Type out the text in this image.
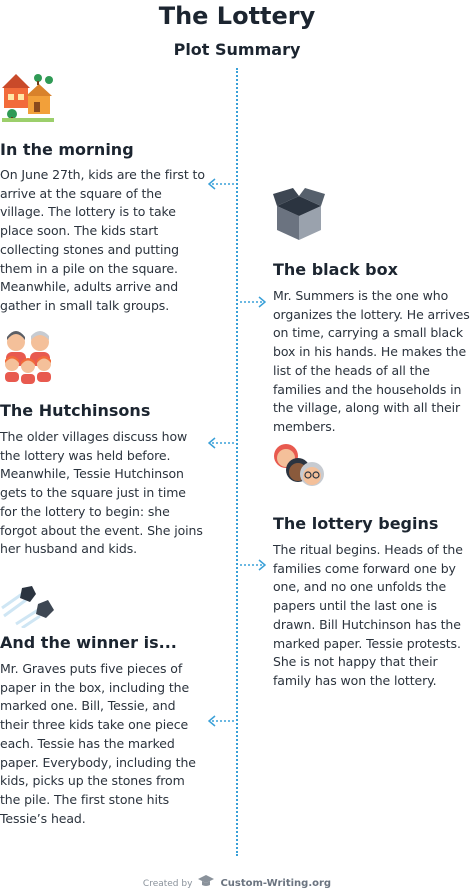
The Lottery
Plot Summary
In the morning
On June 27th, kids are the first to arrive at the square of the village. The lottery is to take place soon. The kids start collecting stones and putting them in a pile on the square. Meanwhile, adults arrive and gather in small talk groups.
The black box
Mr. Summers is the one who organizes the lottery. He arrives on time, carrying a small black box in his hands. He makes the list of the heads of all the families and the households in the village, along with all their members.
The Hutchinsons
The older villages discuss how the lottery was held before. Meanwhile, Tessie Hutchinson gets to the square just in time for the lottery to begin: she forgot about the event. She joins her husband and kids.
The lottery begins
The ritual begins. Heads of the families come forward one by one, and no one unfolds the papers until the last one is drawn. Bill Hutchinson has the marked paper. Tessie protests. She is not happy that their family has won the lottery.
And the winner is...
Mr. Graves puts five pieces of paper in the box, including the marked one. Bill, Tessie, and their three kids take one piece each. Tessie has the marked paper. Everybody, including the kids, picks up the stones from the pile. The first stone hits Tessie’s head.
Created by	Custom-Writing.org
